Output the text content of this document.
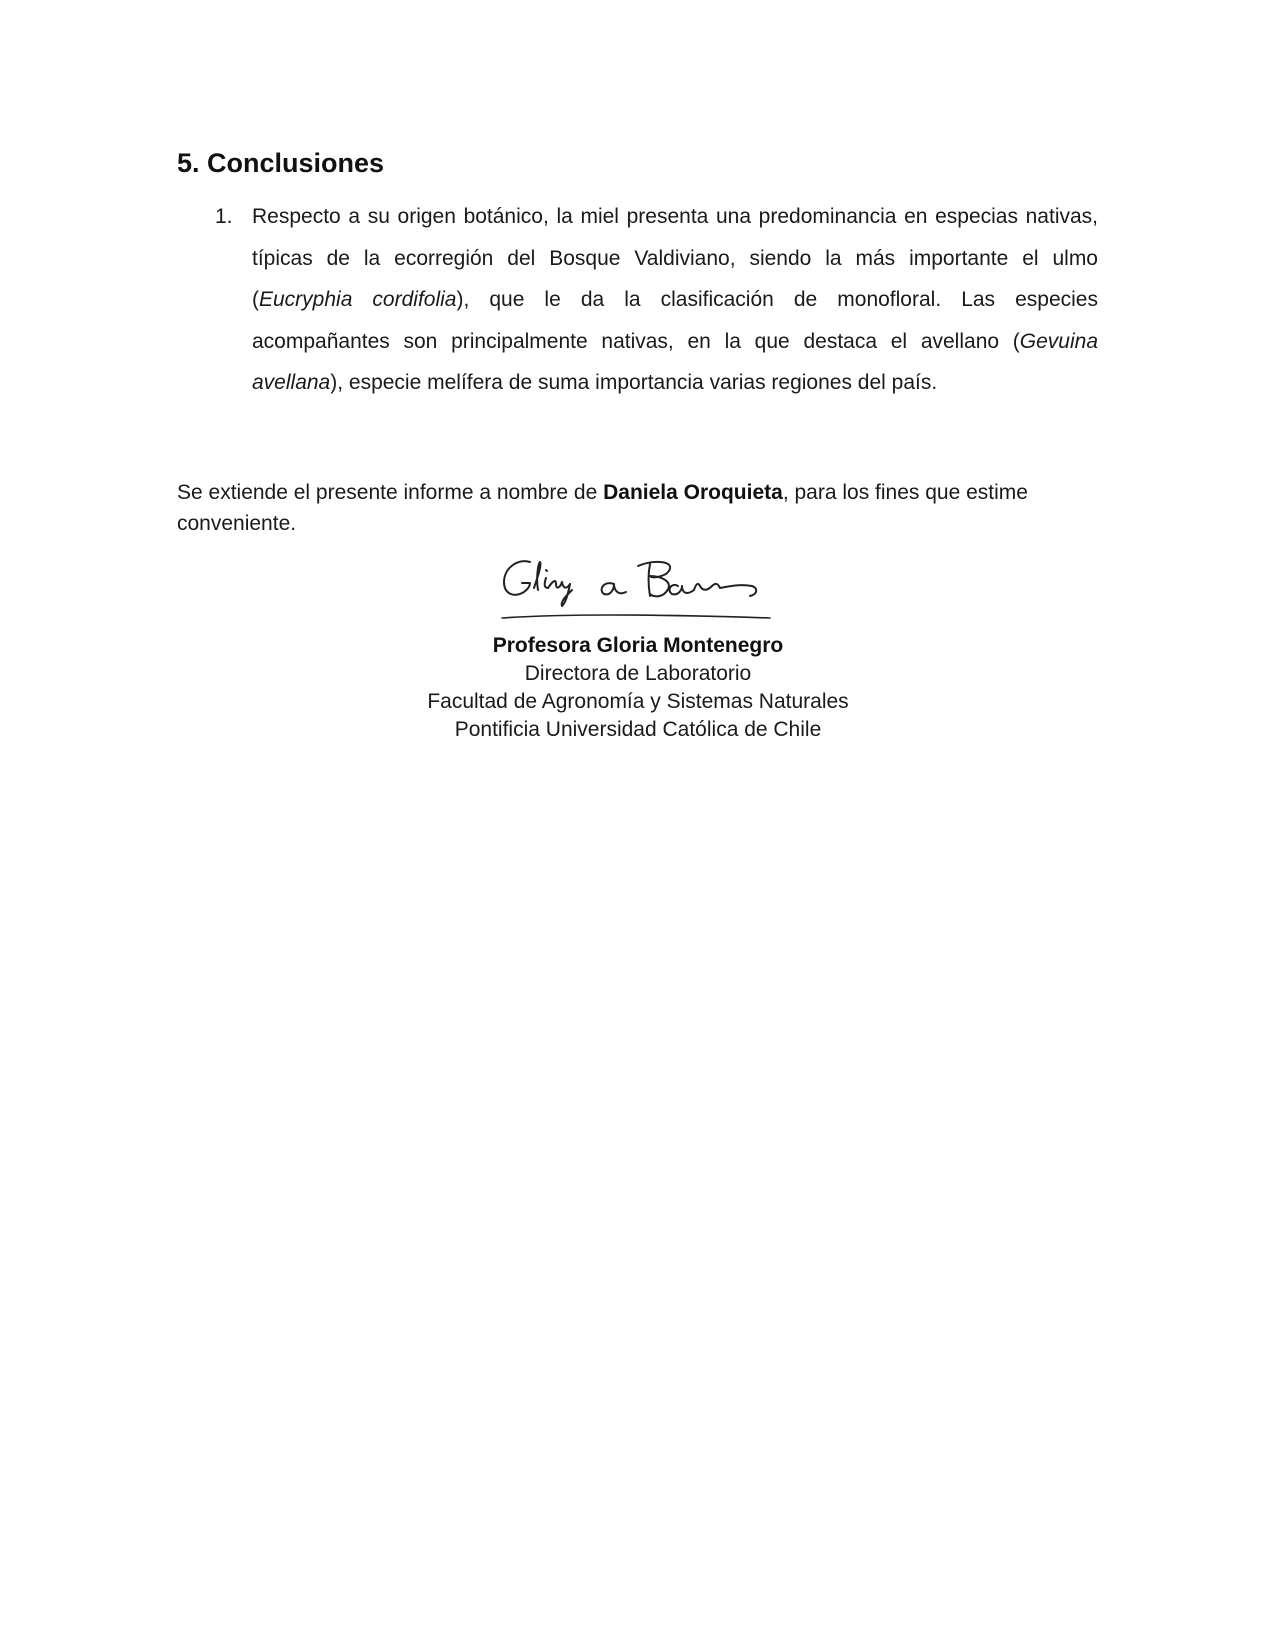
5. Conclusiones
1. Respecto a su origen botánico, la miel presenta una predominancia en especias nativas, típicas de la ecorregión del Bosque Valdiviano, siendo la más importante el ulmo (Eucryphia cordifolia), que le da la clasificación de monofloral. Las especies acompañantes son principalmente nativas, en la que destaca el avellano (Gevuina avellana), especie melífera de suma importancia varias regiones del país.

Se extiende el presente informe a nombre de Daniela Oroquieta, para los fines que estime conveniente.

Profesora Gloria Montenegro
Directora de Laboratorio
Facultad de Agronomía y Sistemas Naturales
Pontificia Universidad Católica de Chile
